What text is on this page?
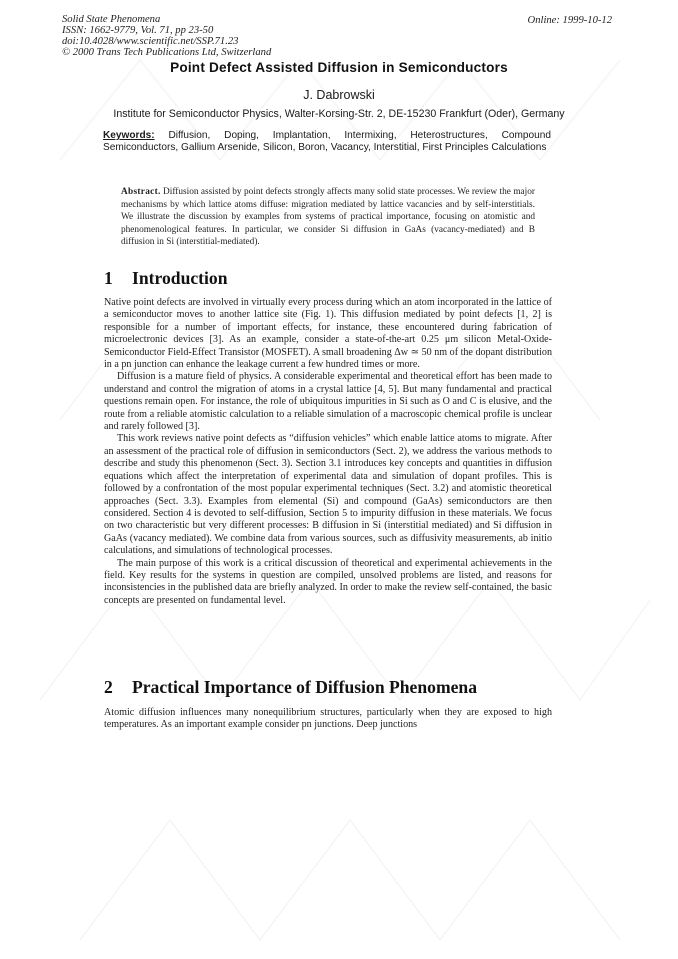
Solid State Phenomena
ISSN: 1662-9779, Vol. 71, pp 23-50
doi:10.4028/www.scientific.net/SSP.71.23
© 2000 Trans Tech Publications Ltd, Switzerland
Online: 1999-10-12
Point Defect Assisted Diffusion in Semiconductors
J. Dabrowski
Institute for Semiconductor Physics, Walter-Korsing-Str. 2, DE-15230 Frankfurt (Oder), Germany
Keywords: Diffusion, Doping, Implantation, Intermixing, Heterostructures, Compound Semiconductors, Gallium Arsenide, Silicon, Boron, Vacancy, Interstitial, First Principles Calculations
Abstract. Diffusion assisted by point defects strongly affects many solid state processes. We review the major mechanisms by which lattice atoms diffuse: migration mediated by lattice vacancies and by self-interstitials. We illustrate the discussion by examples from systems of practical importance, focusing on atomistic and phenomenological features. In particular, we consider Si diffusion in GaAs (vacancy-mediated) and B diffusion in Si (interstitial-mediated).
1 Introduction

Native point defects are involved in virtually every process during which an atom incorporated in the lattice of a semiconductor moves to another lattice site (Fig. 1). This diffusion mediated by point defects [1, 2] is responsible for a number of important effects, for instance, these encountered during fabrication of microelectronic devices [3]. As an example, consider a state-of-the-art 0.25 μm silicon Metal-Oxide-Semiconductor Field-Effect Transistor (MOSFET). A small broadening Δw ≃ 50 nm of the dopant distribution in a pn junction can enhance the leakage current a few hundred times or more.

Diffusion is a mature field of physics. A considerable experimental and theoretical effort has been made to understand and control the migration of atoms in a crystal lattice [4, 5]. But many fundamental and practical questions remain open. For instance, the role of ubiquitous impurities in Si such as O and C is elusive, and the route from a reliable atomistic calculation to a reliable simulation of a macroscopic chemical profile is unclear and rarely followed [3].

This work reviews native point defects as “diffusion vehicles” which enable lattice atoms to migrate. After an assessment of the practical role of diffusion in semiconductors (Sect. 2), we address the various methods to describe and study this phenomenon (Sect. 3). Section 3.1 introduces key concepts and quantities in diffusion equations which affect the interpretation of experimental data and simulation of dopant profiles. This is followed by a confrontation of the most popular experimental techniques (Sect. 3.2) and atomistic theoretical approaches (Sect. 3.3). Examples from elemental (Si) and compound (GaAs) semiconductors are then considered. Section 4 is devoted to self-diffusion, Section 5 to impurity diffusion in these materials. We focus on two characteristic but very different processes: B diffusion in Si (interstitial mediated) and Si diffusion in GaAs (vacancy mediated). We combine data from various sources, such as diffusivity measurements, ab initio calculations, and simulations of technological processes.

The main purpose of this work is a critical discussion of theoretical and experimental achievements in the field. Key results for the systems in question are compiled, unsolved problems are listed, and reasons for inconsistencies in the published data are briefly analyzed. In order to make the review self-contained, the basic concepts are presented on fundamental level.

2 Practical Importance of Diffusion Phenomena

Atomic diffusion influences many nonequilibrium structures, particularly when they are exposed to high temperatures. As an important example consider pn junctions. Deep junctions
